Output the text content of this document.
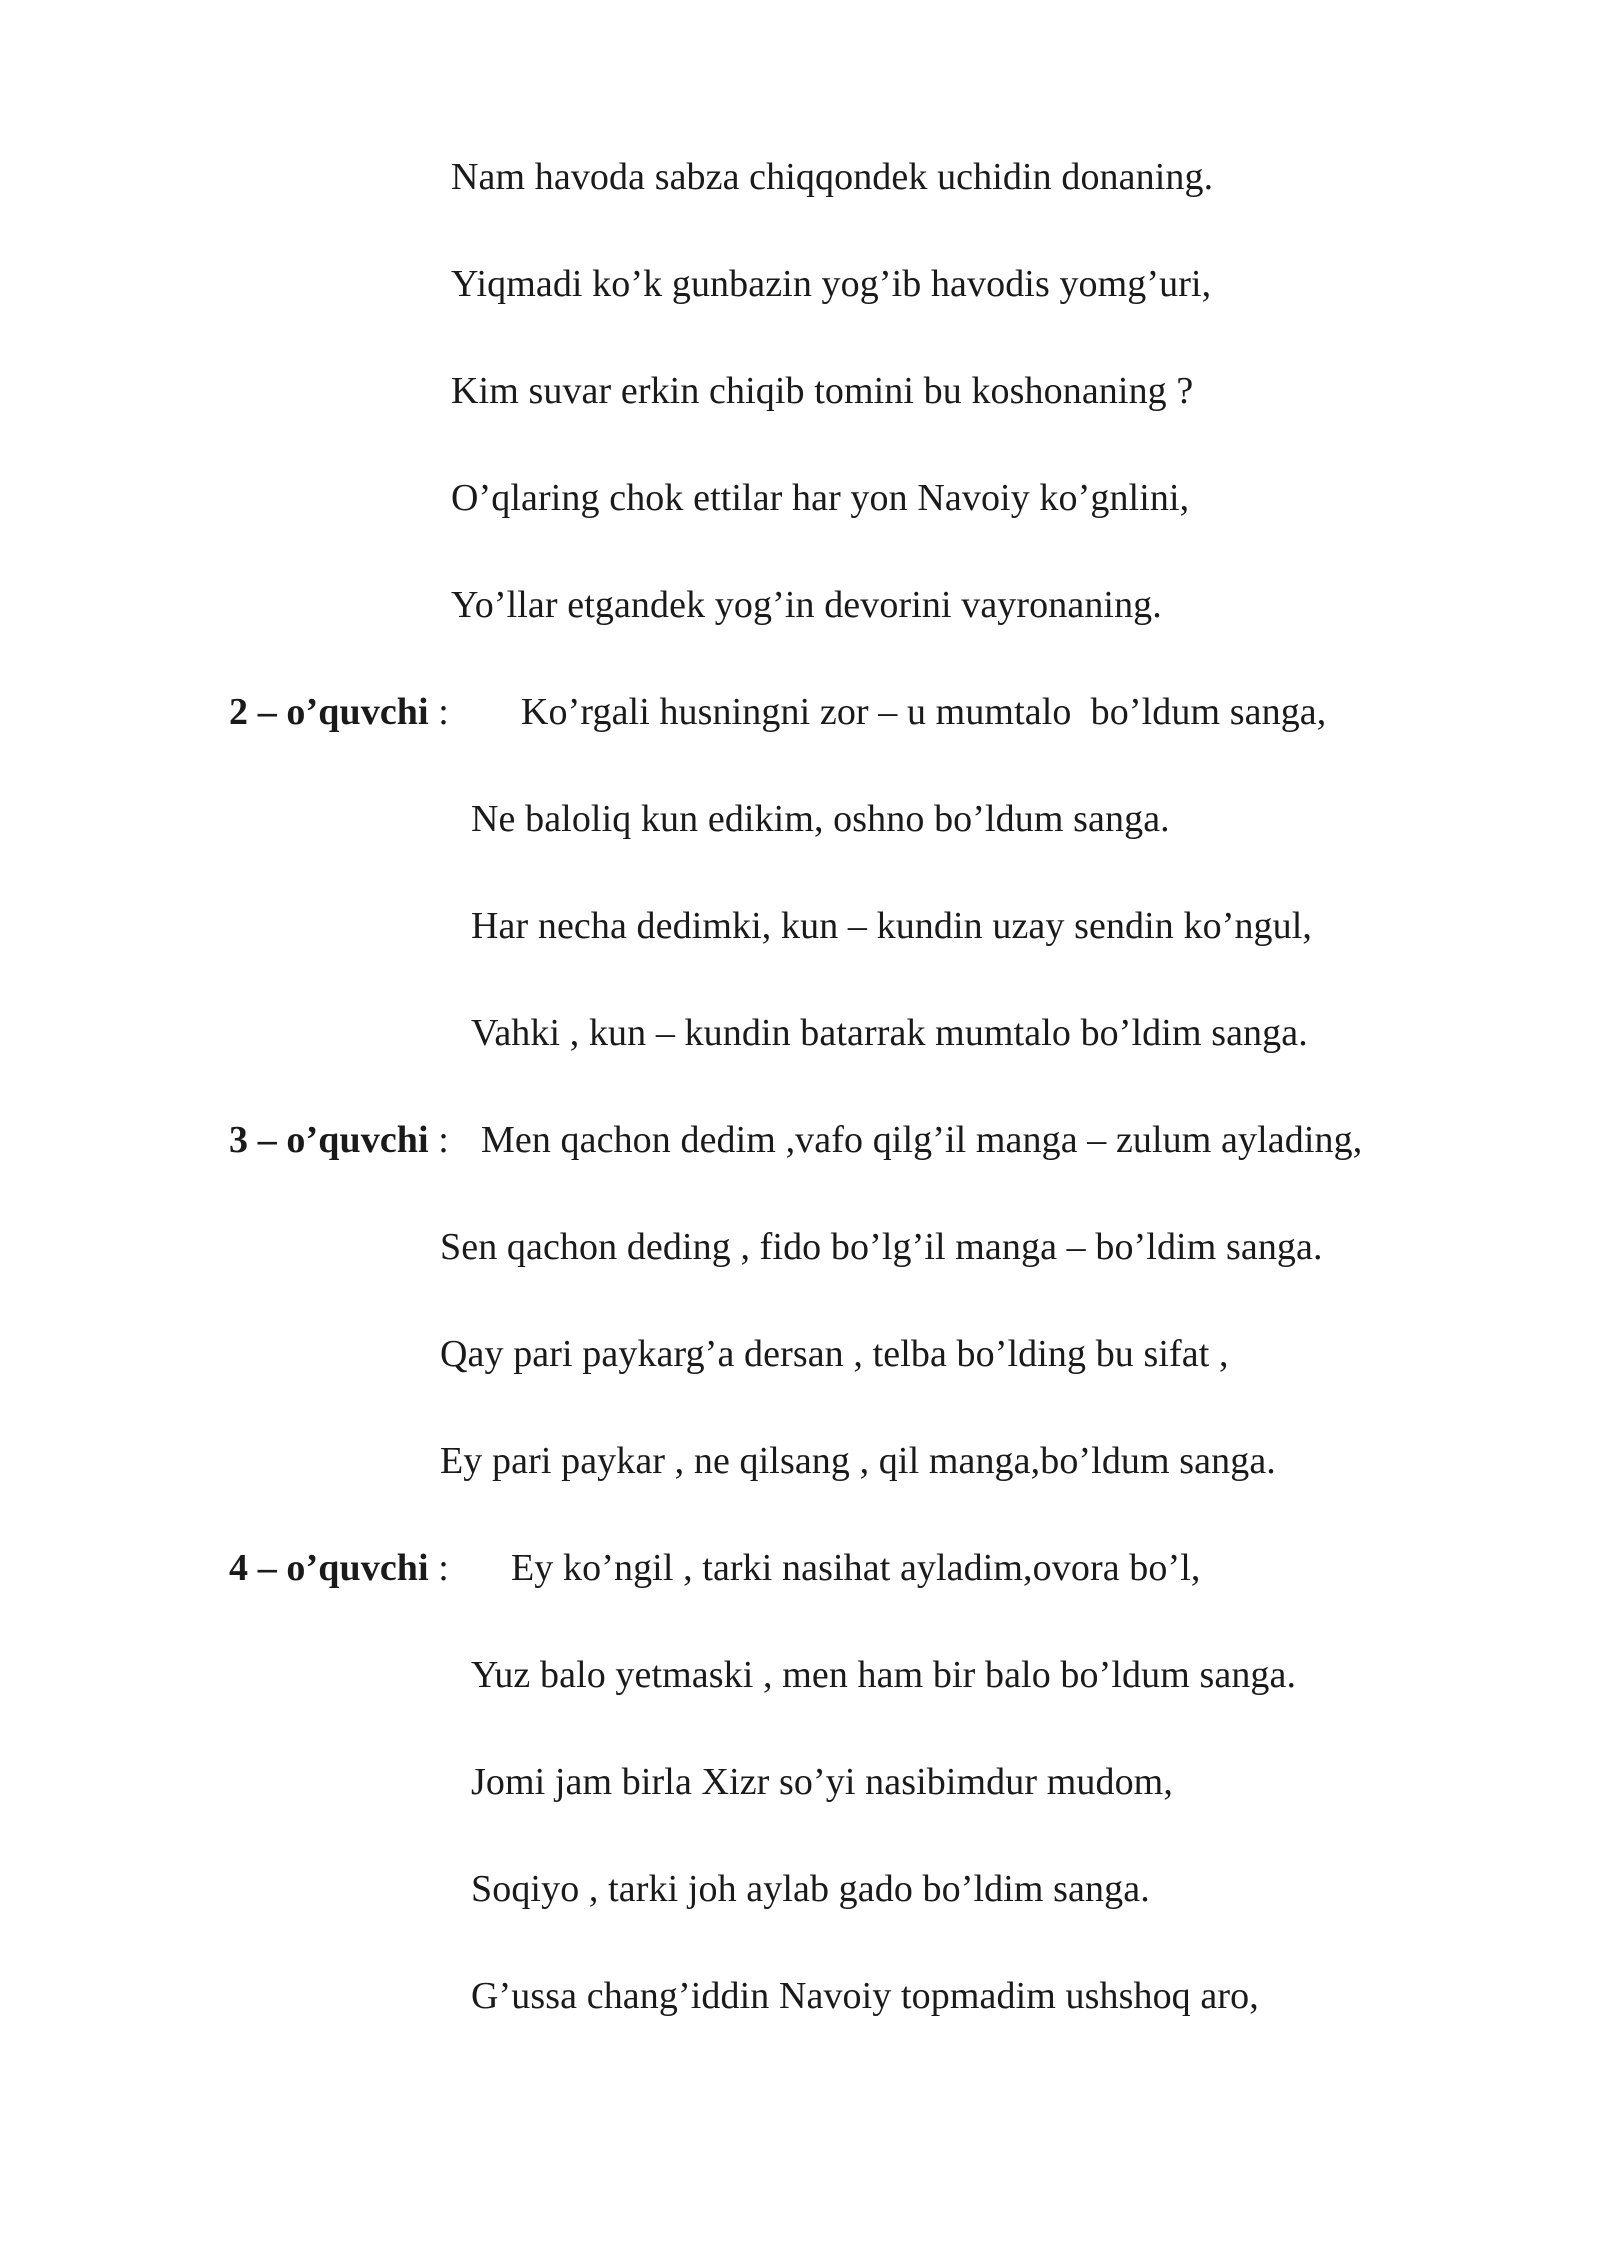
Nam havoda sabza chiqqondek uchidin donaning.
Yiqmadi ko’k gunbazin yog’ib havodis yomg’uri,
Kim suvar erkin chiqib tomini bu koshonaning ?
O’qlaring chok ettilar har yon Navoiy ko’gnlini,
Yo’llar etgandek yog’in devorini vayronaning.
2 – o’quvchi : Ko’rgali husningni zor – u mumtalo  bo’ldum sanga,
Ne baloliq kun edikim, oshno bo’ldum sanga.
Har necha dedimki, kun – kundin uzay sendin ko’ngul,
Vahki , kun – kundin batarrak mumtalo bo’ldim sanga.
3 – o’quvchi : Men qachon dedim ,vafo qilg’il manga – zulum aylading,
Sen qachon deding , fido bo’lg’il manga – bo’ldim sanga.
Qay pari paykarg’a dersan , telba bo’lding bu sifat ,
Ey pari paykar , ne qilsang , qil manga,bo’ldum sanga.
4 – o’quvchi : Ey ko’ngil , tarki nasihat ayladim,ovora bo’l,
Yuz balo yetmaski , men ham bir balo bo’ldum sanga.
Jomi jam birla Xizr so’yi nasibimdur mudom,
Soqiyo , tarki joh aylab gado bo’ldim sanga.
G’ussa chang’iddin Navoiy topmadim ushshoq aro,
